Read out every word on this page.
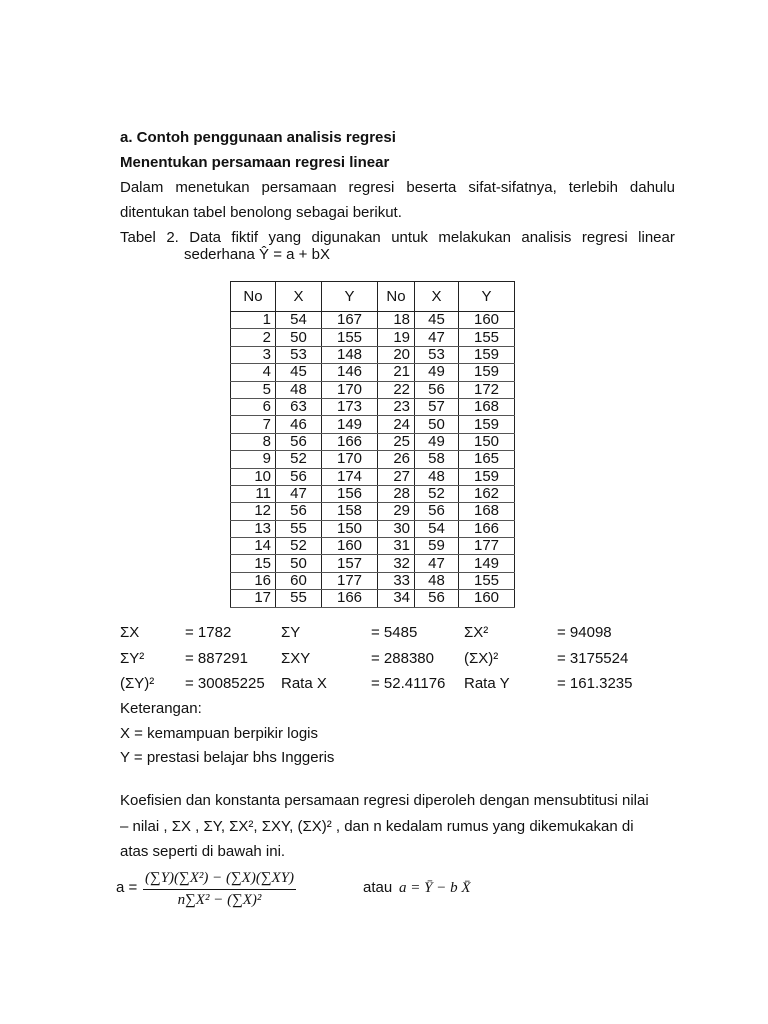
a. Contoh penggunaan analisis regresi
Menentukan persamaan regresi linear
Dalam menetukan persamaan regresi beserta sifat-sifatnya, terlebih dahulu
ditentukan tabel benolong sebagai berikut.
Tabel 2. Data fiktif yang digunakan untuk melakukan analisis regresi linear
sederhana Ŷ = a + bX
No	X	Y	No	X	Y
1	54	167	18	45	160
2	50	155	19	47	155
3	53	148	20	53	159
4	45	146	21	49	159
5	48	170	22	56	172
6	63	173	23	57	168
7	46	149	24	50	159
8	56	166	25	49	150
9	52	170	26	58	165
10	56	174	27	48	159
11	47	156	28	52	162
12	56	158	29	56	168
13	55	150	30	54	166
14	52	160	31	59	177
15	50	157	32	47	149
16	60	177	33	48	155
17	55	166	34	56	160
ΣX	= 1782	ΣY	= 5485	ΣX²	= 94098
ΣY²	= 887291 ΣXY	= 288380 (ΣX)²	= 3175524
(ΣY)² = 30085225 Rata X	= 52.41176 Rata Y	= 161.3235
Keterangan:
X = kemampuan berpikir logis
Y = prestasi belajar bhs Inggeris
Koefisien dan konstanta persamaan regresi diperoleh dengan mensubtitusi nilai
– nilai , ΣX , ΣY, ΣX², ΣXY, (ΣX)² , dan n kedalam rumus yang dikemukakan di
atas seperti di bawah ini.
$a = \frac{\text{(∑Y)(∑X²) − (∑X)(∑XY)}}{\text{n∑X² − (∑X)²}}$	atau a = Ȳ − b X̄
